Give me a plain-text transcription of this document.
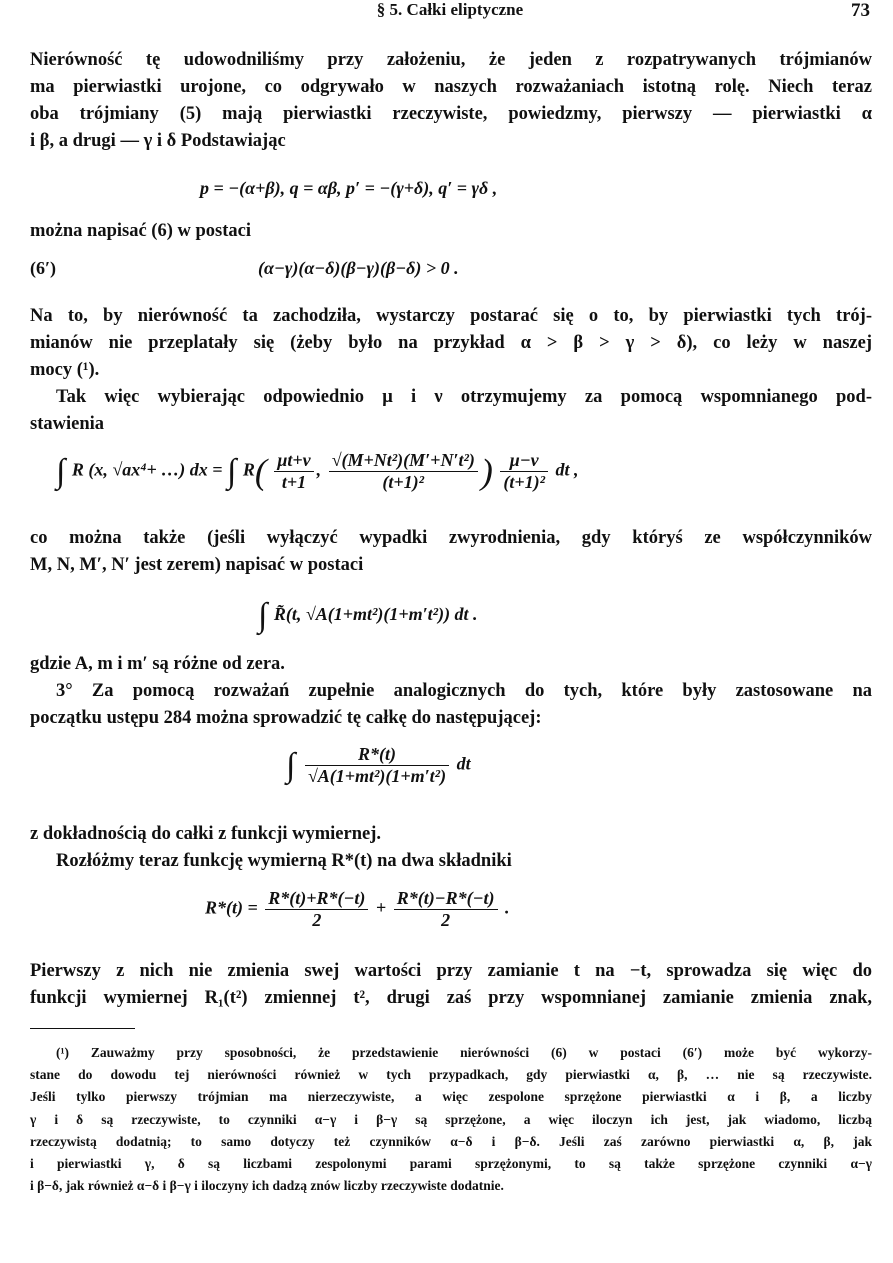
§ 5. Całki eliptyczne	73

Nierówność tę udowodniliśmy przy założeniu, że jeden z rozpatrywanych trójmianów
ma pierwiastki urojone, co odgrywało w naszych rozważaniach istotną rolę. Niech teraz
oba trójmiany (5) mają pierwiastki rzeczywiste, powiedzmy, pierwszy — pierwiastki α
i β, a drugi — γ i δ Podstawiając

p = −(α+β), q = αβ, p′ = −(γ+δ), q′ = γδ ,

można napisać (6) w postaci

(6′)	(α−γ)(α−δ)(β−γ)(β−δ) > 0 .

Na to, by nierówność ta zachodziła, wystarczy postarać się o to, by pierwiastki tych trój-
mianów nie przeplatały się (żeby było na przykład α > β > γ > δ), co leży w naszej
mocy (¹).

Tak więc wybierając odpowiednio μ i ν otrzymujemy za pomocą wspomnianego pod-
stawienia

∫ R (x, √ax⁴+ …) dx = ∫ $R( \frac{\mu t+\nu}{t+1}$ , $\frac{\text{√(M+Nt²)(M′+N′t²)}}{\text{(t+1)²}}$ ) $\frac{\mu-\nu}{\text{(t+1)²}}$ dt ,

co można także (jeśli wyłączyć wypadki zwyrodnienia, gdy któryś ze współczynników
M, N, M′, N′ jest zerem) napisać w postaci

∫ R̃(t, √A(1+mt²)(1+m′t²)) dt .

gdzie A, m i m′ są różne od zera.

3° Za pomocą rozważań zupełnie analogicznych do tych, które były zastosowane na
początku ustępu 284 można sprowadzić tę całkę do następującej:

∫ $\frac{R*(t)}{\text{√A(1+mt²)(1+m′t²)}}$ dt

z dokładnością do całki z funkcji wymiernej.

Rozłóżmy teraz funkcję wymierną R*(t) na dwa składniki

$R*(t) = \frac{R*(t)+R*(-t)}{2} + \frac{R*(t)-R*(-t)}{2}$ .

Pierwszy z nich nie zmienia swej wartości przy zamianie t na −t, sprowadza się więc do
funkcji wymiernej R₁(t²) zmiennej t², drugi zaś przy wspomnianej zamianie zmienia znak,

(¹) Zauważmy przy sposobności, że przedstawienie nierówności (6) w postaci (6′) może być wykorzy-
stane do dowodu tej nierówności również w tych przypadkach, gdy pierwiastki α, β, … nie są rzeczywiste.
Jeśli tylko pierwszy trójmian ma nierzeczywiste, a więc zespolone sprzężone pierwiastki α i β, a liczby
γ i δ są rzeczywiste, to czynniki α−γ i β−γ są sprzężone, a więc iloczyn ich jest, jak wiadomo, liczbą
rzeczywistą dodatnią; to samo dotyczy też czynników α−δ i β−δ. Jeśli zaś zarówno pierwiastki α, β, jak
i pierwiastki γ, δ są liczbami zespolonymi parami sprzężonymi, to są także sprzężone czynniki α−γ
i β−δ, jak również α−δ i β−γ i iloczyny ich dadzą znów liczby rzeczywiste dodatnie.
